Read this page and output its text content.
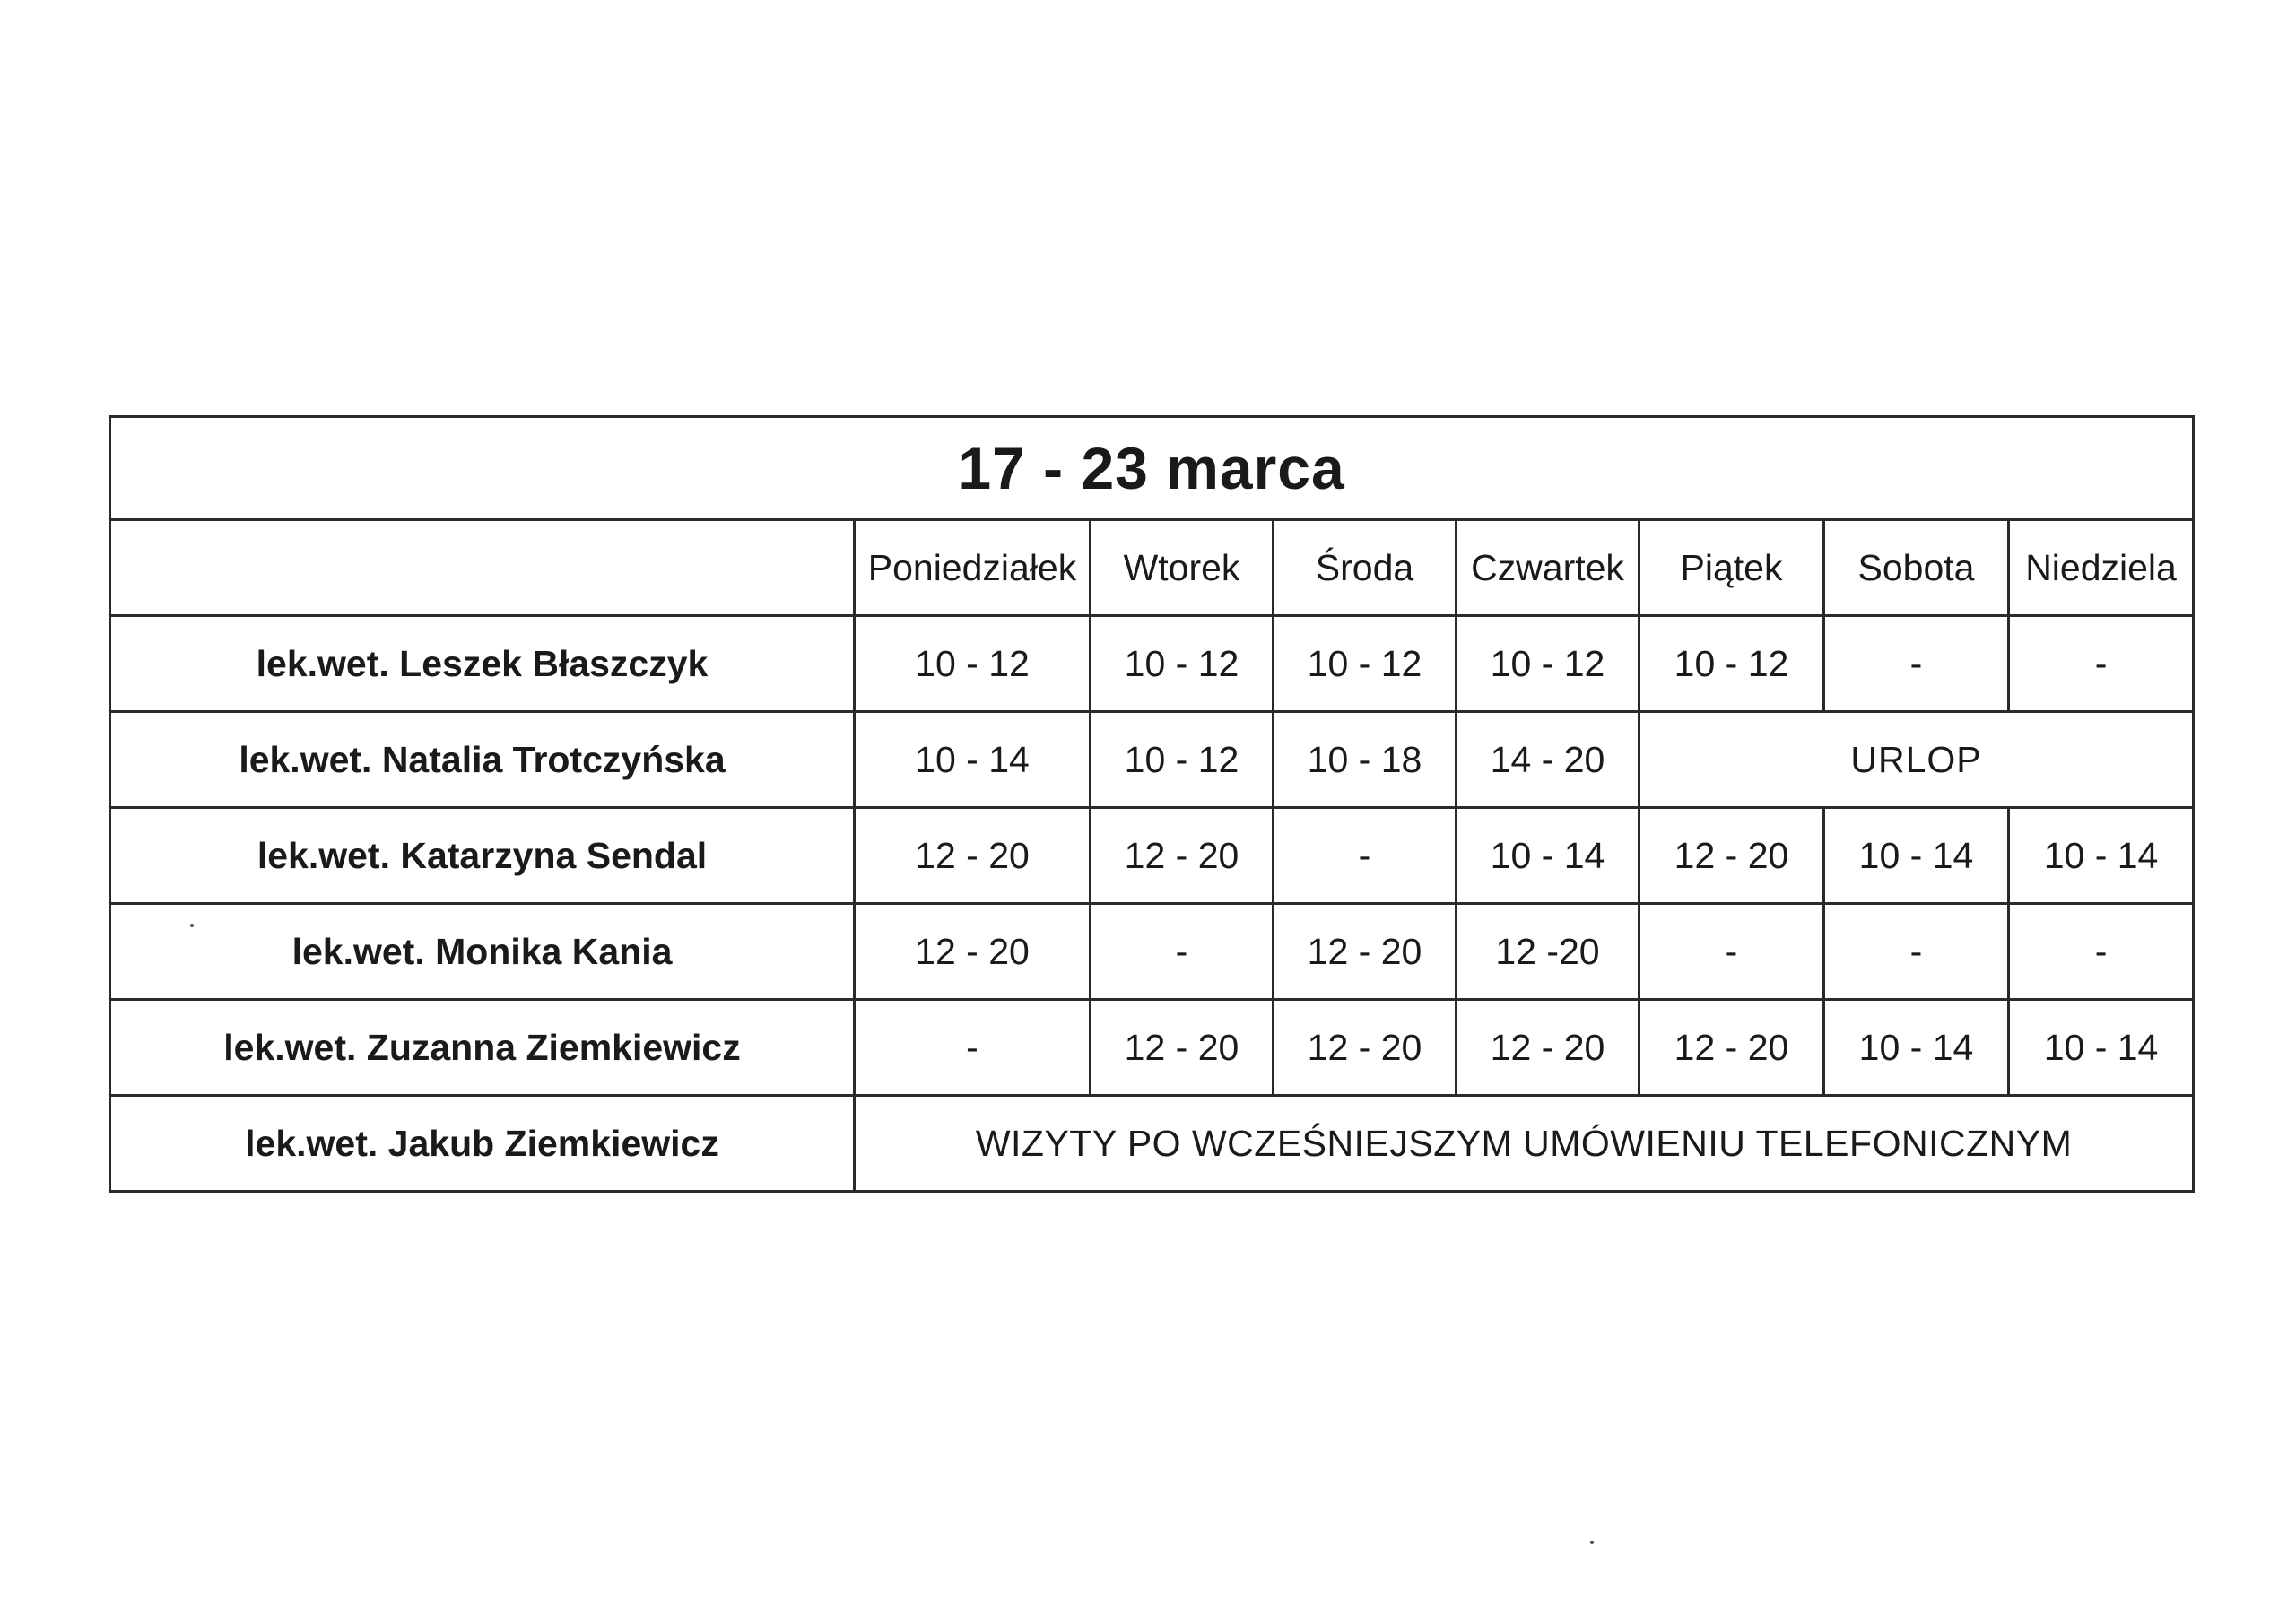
17 - 23 marca							
	Poniedziałek	Wtorek	Środa	Czwartek	Piątek	Sobota	Niedziela
lek.wet. Leszek Błaszczyk	10 - 12	10 - 12	10 - 12	10 - 12	10 - 12	-	-
lek.wet. Natalia Trotczyńska	10 - 14	10 - 12	10 - 18	14 - 20	URLOP		
lek.wet. Katarzyna Sendal	12 - 20	12 - 20	-	10 - 14	12 - 20	10 - 14	10 - 14
lek.wet. Monika Kania	12 - 20	-	12 - 20	12 -20	-	-	-
lek.wet. Zuzanna Ziemkiewicz	-	12 - 20	12 - 20	12 - 20	12 - 20	10 - 14	10 - 14
lek.wet. Jakub Ziemkiewicz	WIZYTY PO WCZEŚNIEJSZYM UMÓWIENIU TELEFONICZNYM						
